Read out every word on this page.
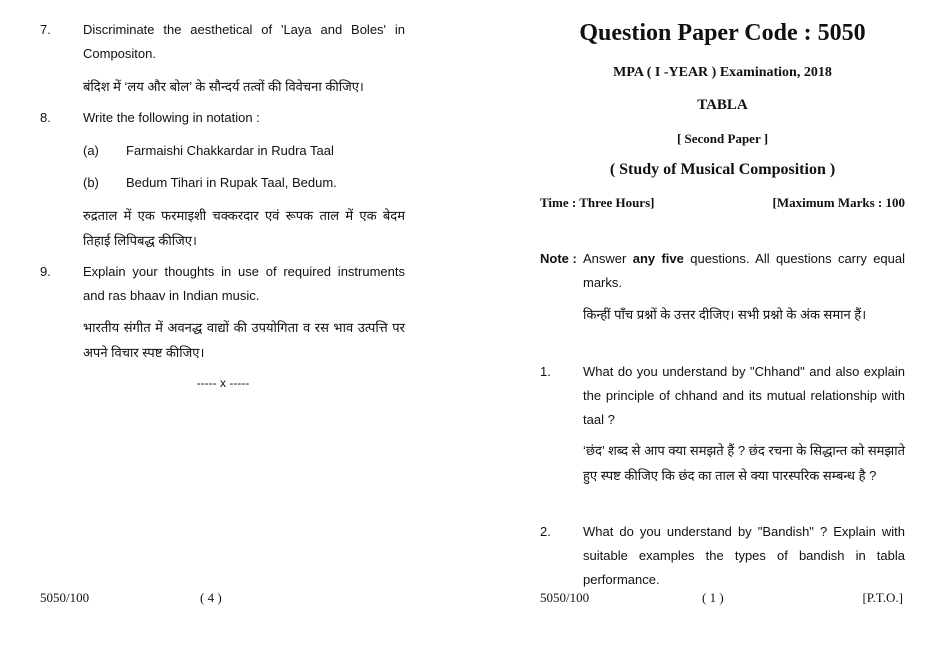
7. Discriminate the aesthetical of 'Laya and Boles' in Compositon.
बंदिश में ‘लय और बोल’ के सौन्दर्य तत्वों की विवेचना कीजिए।
8. Write the following in notation :
(a) Farmaishi Chakkardar in Rudra Taal
(b) Bedum Tihari in Rupak Taal, Bedum.
रुद्रताल में एक फरमाइशी चक्करदार एवं रूपक ताल में एक बेदम तिहाई लिपिबद्ध कीजिए।
9. Explain your thoughts in use of required instruments and ras bhaav in Indian music.
भारतीय संगीत में अवनद्ध वाद्यों की उपयोगिता व रस भाव उत्पत्ति पर अपने विचार स्पष्ट कीजिए।
----- x -----
5050/100	( 4 )
Question Paper Code : 5050
MPA ( I -YEAR ) Examination, 2018
TABLA
[ Second Paper ]
( Study of Musical Composition )
Time : Three Hours]	[Maximum Marks : 100
Note : Answer any five questions. All questions carry equal marks.
किन्हीं पाँच प्रश्नों के उत्तर दीजिए। सभी प्रश्नो के अंक समान हैं।
1. What do you understand by "Chhand" and also explain the principle of chhand and its mutual relationship with taal ?
‘छंद’ शब्द से आप क्या समझते हैं ? छंद रचना के सिद्धान्त को समझाते हुए स्पष्ट कीजिए कि छंद का ताल से क्या पारस्परिक सम्बन्ध है ?
2. What do you understand by "Bandish" ? Explain with suitable examples the types of bandish in tabla performance.
5050/100	( 1 )	[P.T.O.]
